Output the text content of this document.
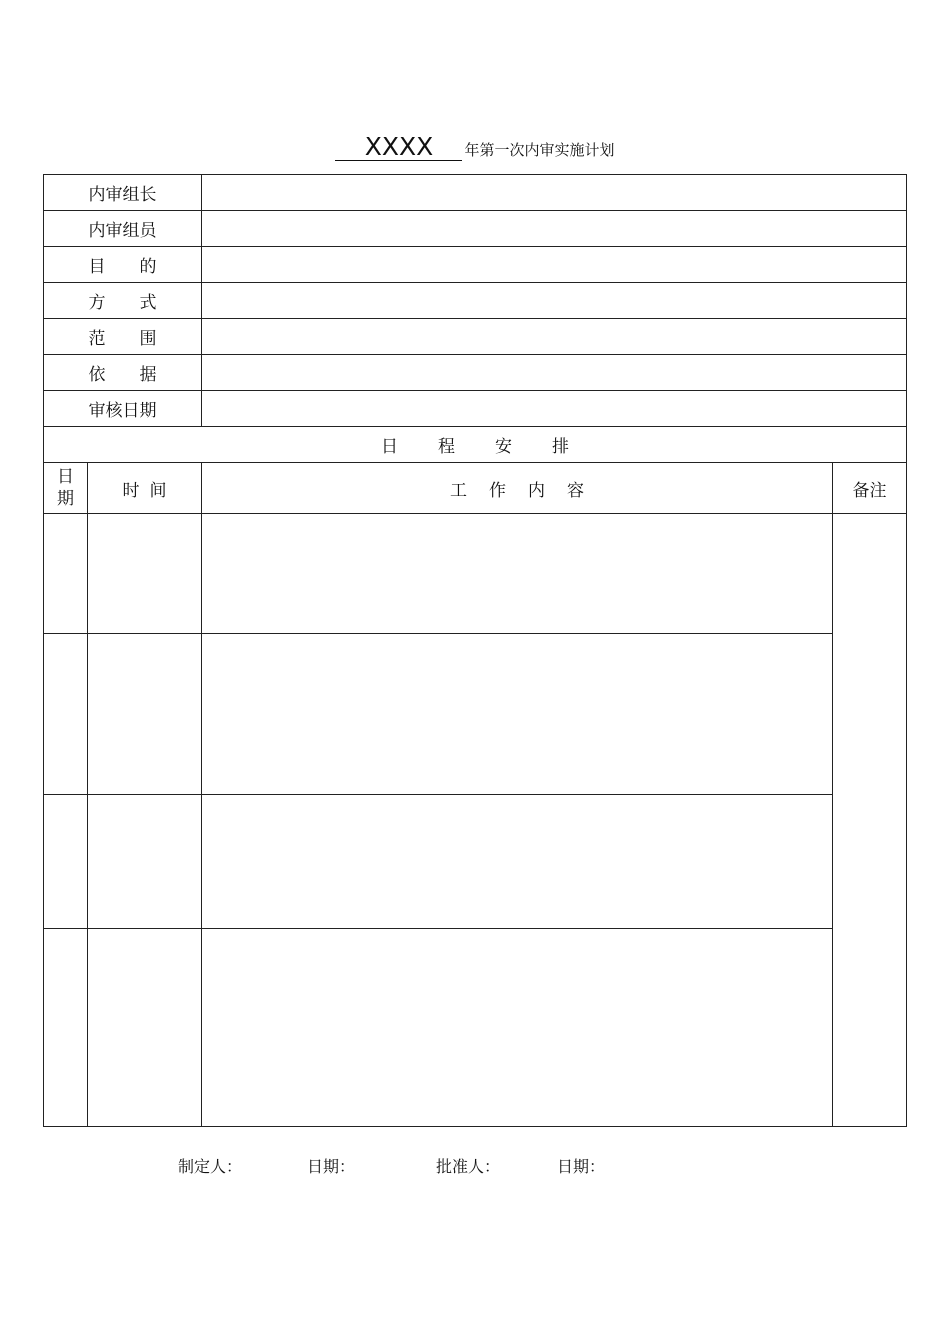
XXXX 年第一次内审实施计划
内审组长			
内审组员			
目　　的			
方　　式			
范　　围			
依　　据			
审核日期			
日程安排			
日期	时间	工作内容	备注

制定人：	日期：	批准人：	日期：
